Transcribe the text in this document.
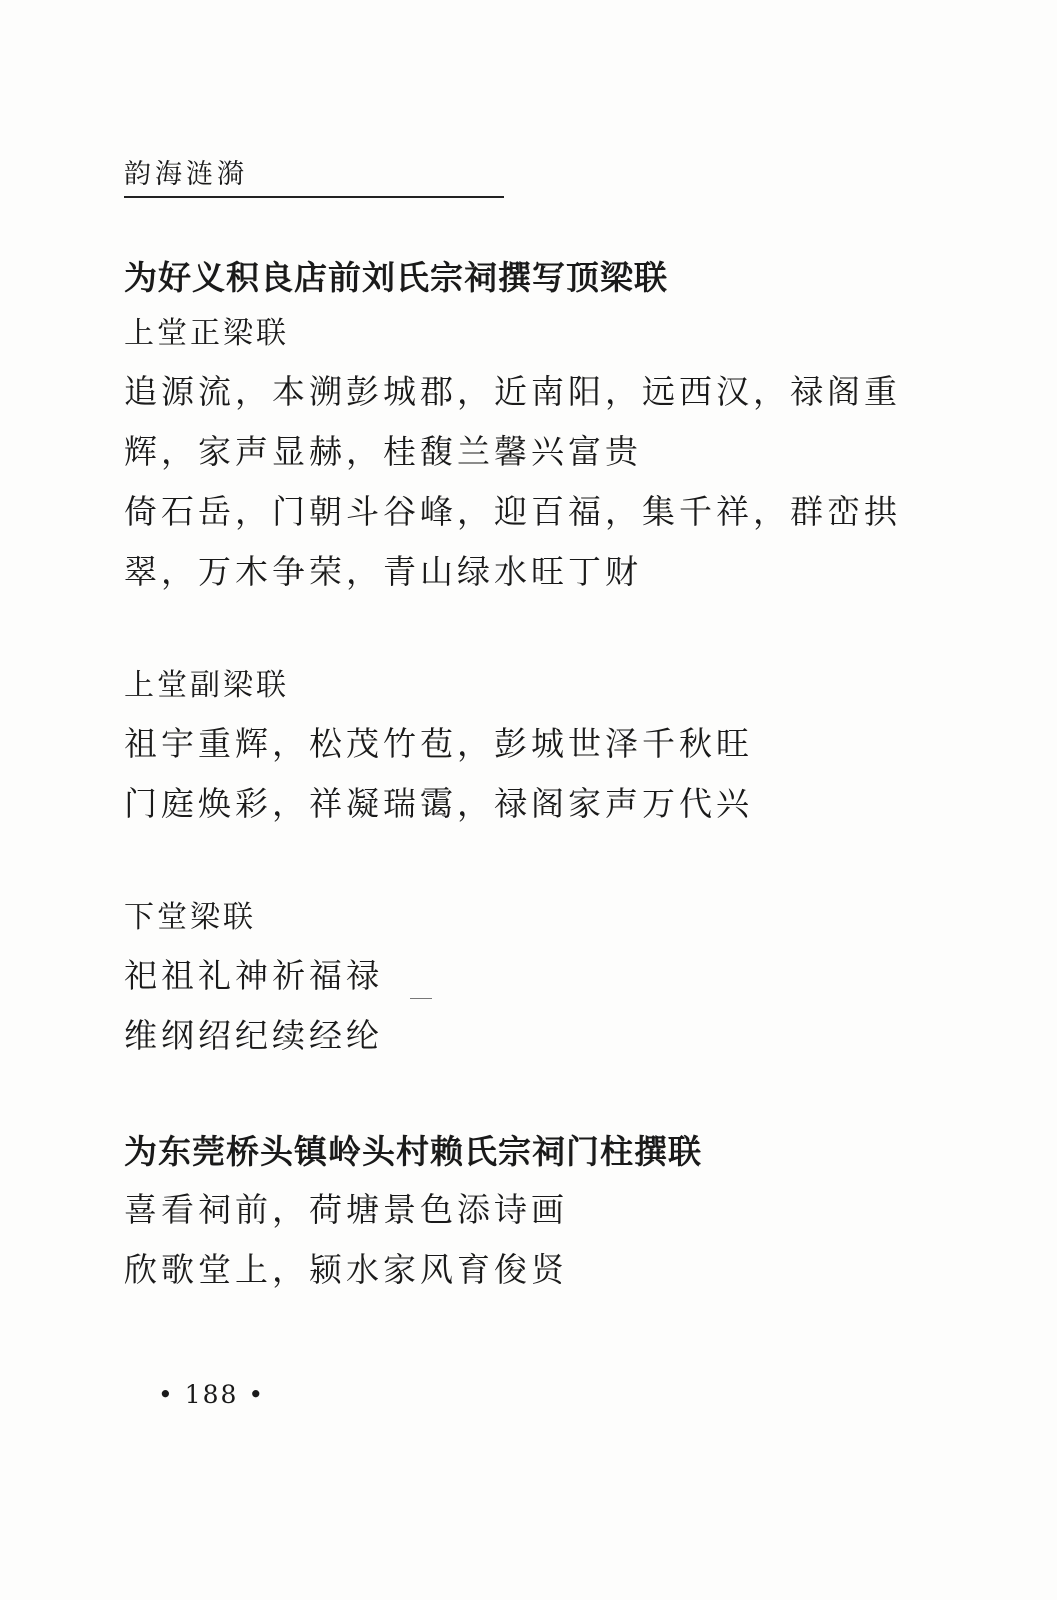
韵海涟漪
为好义积良店前刘氏宗祠撰写顶梁联

上堂正梁联

追源流，本溯彭城郡，近南阳，远西汉，禄阁重

辉，家声显赫，桂馥兰馨兴富贵

倚石岳，门朝斗谷峰，迎百福，集千祥，群峦拱

翠，万木争荣，青山绿水旺丁财

上堂副梁联

祖宇重辉，松茂竹苞，彭城世泽千秋旺

门庭焕彩，祥凝瑞霭，禄阁家声万代兴

下堂梁联

祀祖礼神祈福禄

维纲绍纪续经纶

为东莞桥头镇岭头村赖氏宗祠门柱撰联

喜看祠前，荷塘景色添诗画

欣歌堂上，颍水家风育俊贤

• 188 •
